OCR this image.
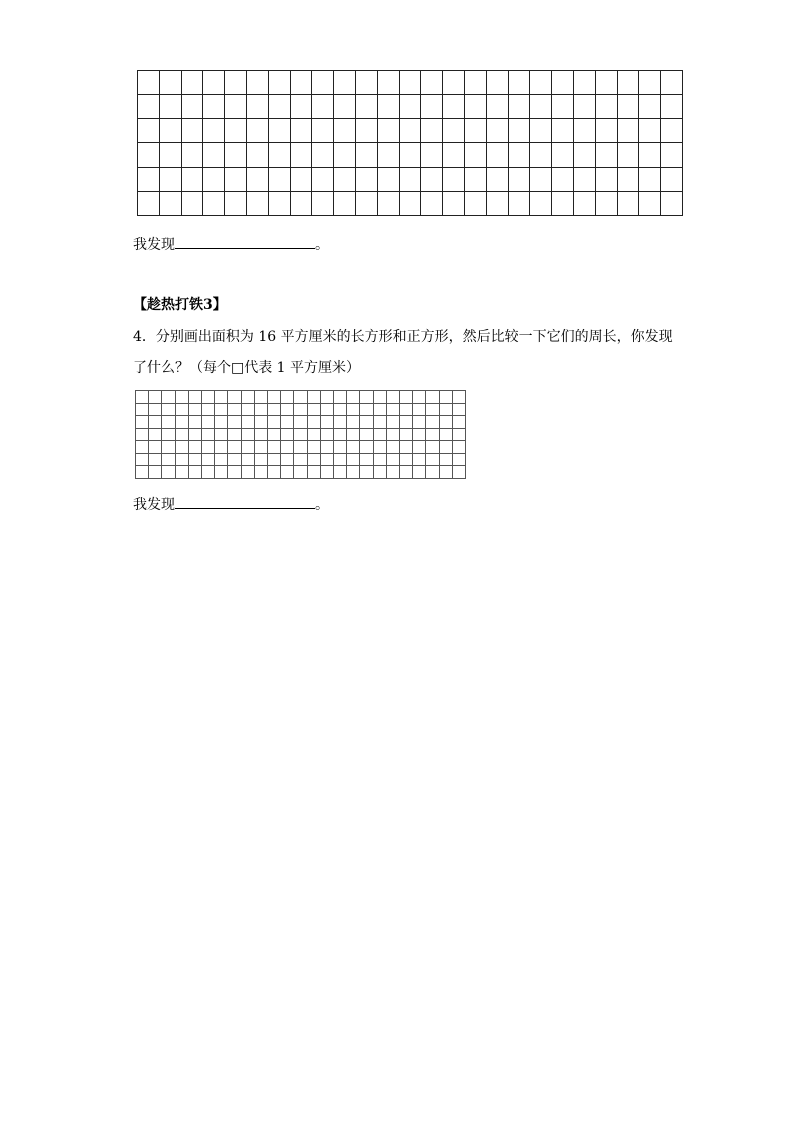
我发现	。
【趁热打铁3】
4．分别画出面积为 16 平方厘米的长方形和正方形，然后比较一下它们的周长，你发现
了什么？（每个□代表 1 平方厘米）
我发现	。
